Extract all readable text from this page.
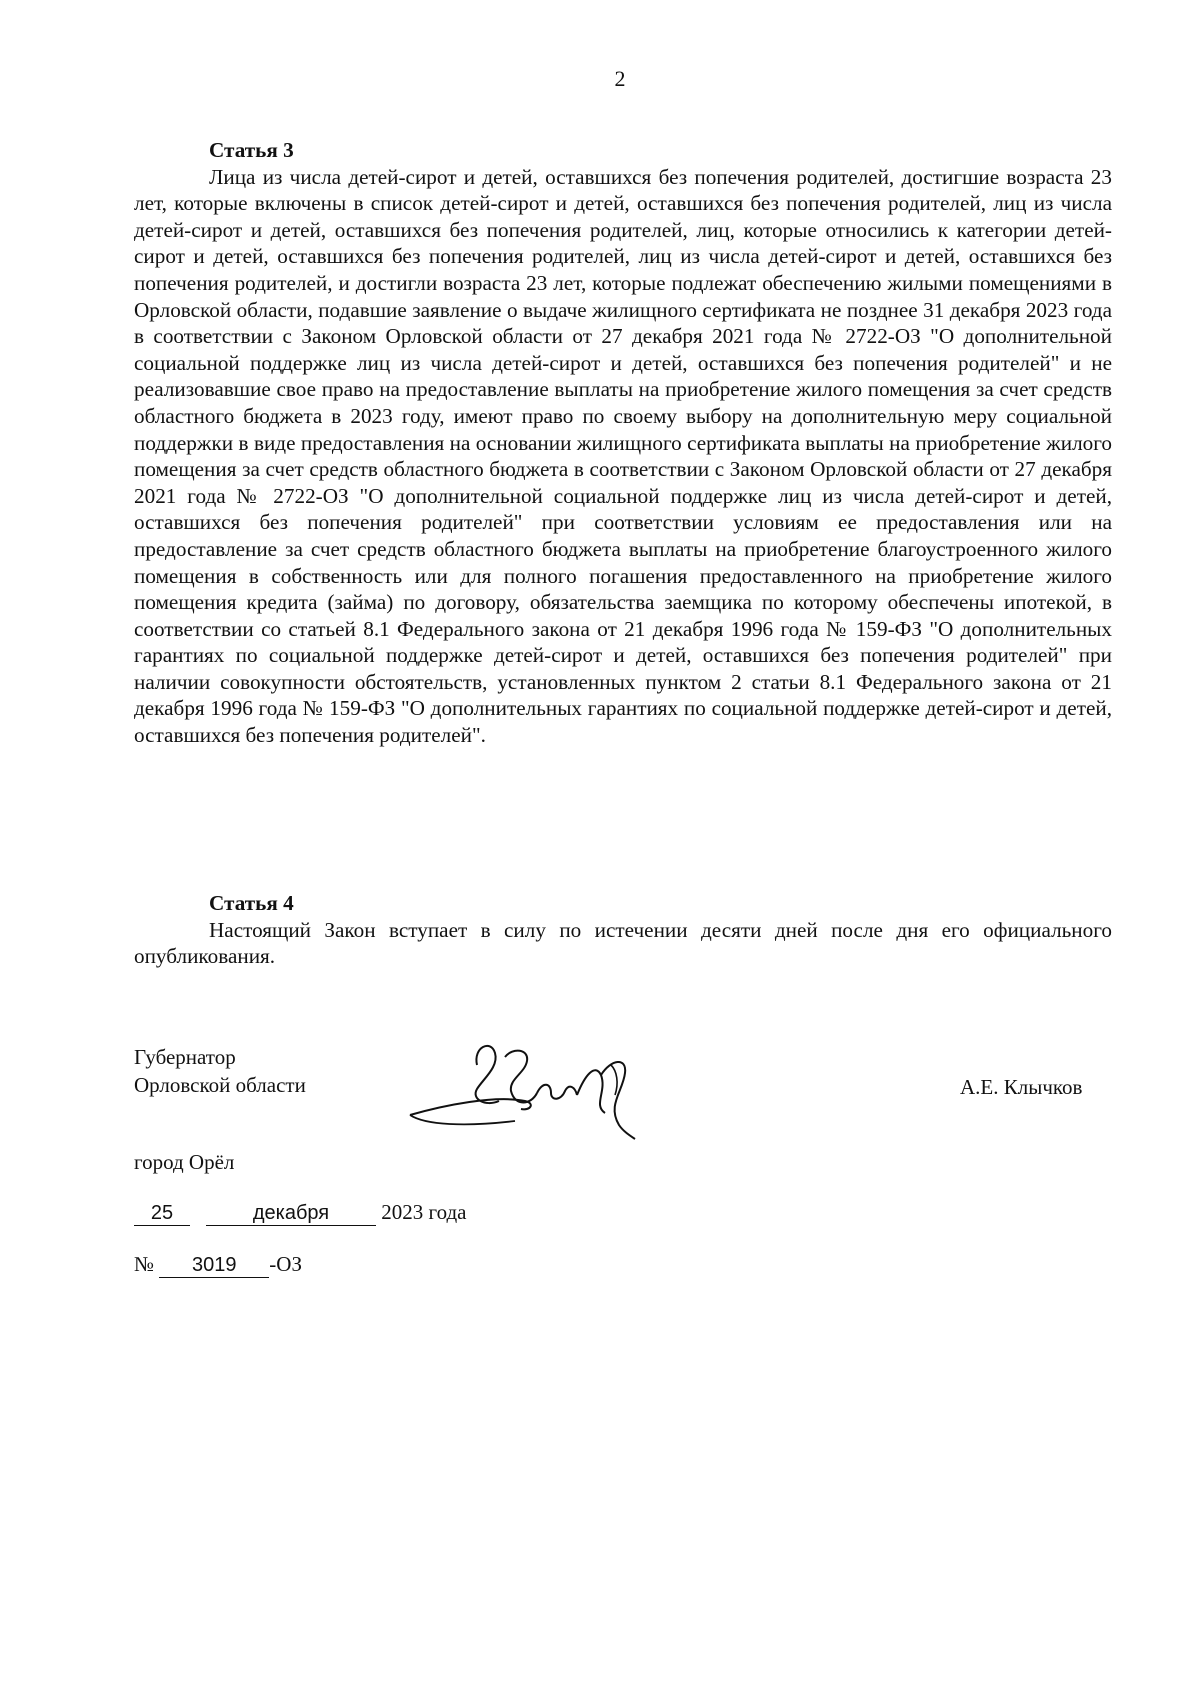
2

Статья 3

Лица из числа детей-сирот и детей, оставшихся без попечения родителей, достигшие возраста 23 лет, которые включены в список детей-сирот и детей, оставшихся без попечения родителей, лиц из числа детей-сирот и детей, оставшихся без попечения родителей, лиц, которые относились к категории детей-сирот и детей, оставшихся без попечения родителей, лиц из числа детей-сирот и детей, оставшихся без попечения родителей, и достигли возраста 23 лет, которые подлежат обеспечению жилыми помещениями в Орловской области, подавшие заявление о выдаче жилищного сертификата не позднее 31 декабря 2023 года в соответствии с Законом Орловской области от 27 декабря 2021 года № 2722-ОЗ "О дополнительной социальной поддержке лиц из числа детей-сирот и детей, оставшихся без попечения родителей" и не реализовавшие свое право на предоставление выплаты на приобретение жилого помещения за счет средств областного бюджета в 2023 году, имеют право по своему выбору на дополнительную меру социальной поддержки в виде предоставления на основании жилищного сертификата выплаты на приобретение жилого помещения за счет средств областного бюджета в соответствии с Законом Орловской области от 27 декабря 2021 года № 2722-ОЗ "О дополнительной социальной поддержке лиц из числа детей-сирот и детей, оставшихся без попечения родителей" при соответствии условиям ее предоставления или на предоставление за счет средств областного бюджета выплаты на приобретение благоустроенного жилого помещения в собственность или для полного погашения предоставленного на приобретение жилого помещения кредита (займа) по договору, обязательства заемщика по которому обеспечены ипотекой, в соответствии со статьей 8.1 Федерального закона от 21 декабря 1996 года № 159-ФЗ "О дополнительных гарантиях по социальной поддержке детей-сирот и детей, оставшихся без попечения родителей" при наличии совокупности обстоятельств, установленных пунктом 2 статьи 8.1 Федерального закона от 21 декабря 1996 года № 159-ФЗ "О дополнительных гарантиях по социальной поддержке детей-сирот и детей, оставшихся без попечения родителей".

Статья 4

Настоящий Закон вступает в силу по истечении десяти дней после дня его официального опубликования.

Губернатор
Орловской области	А.Е. Клычков
город Орёл
25	декабря 2023 года
№ 3019 -ОЗ
